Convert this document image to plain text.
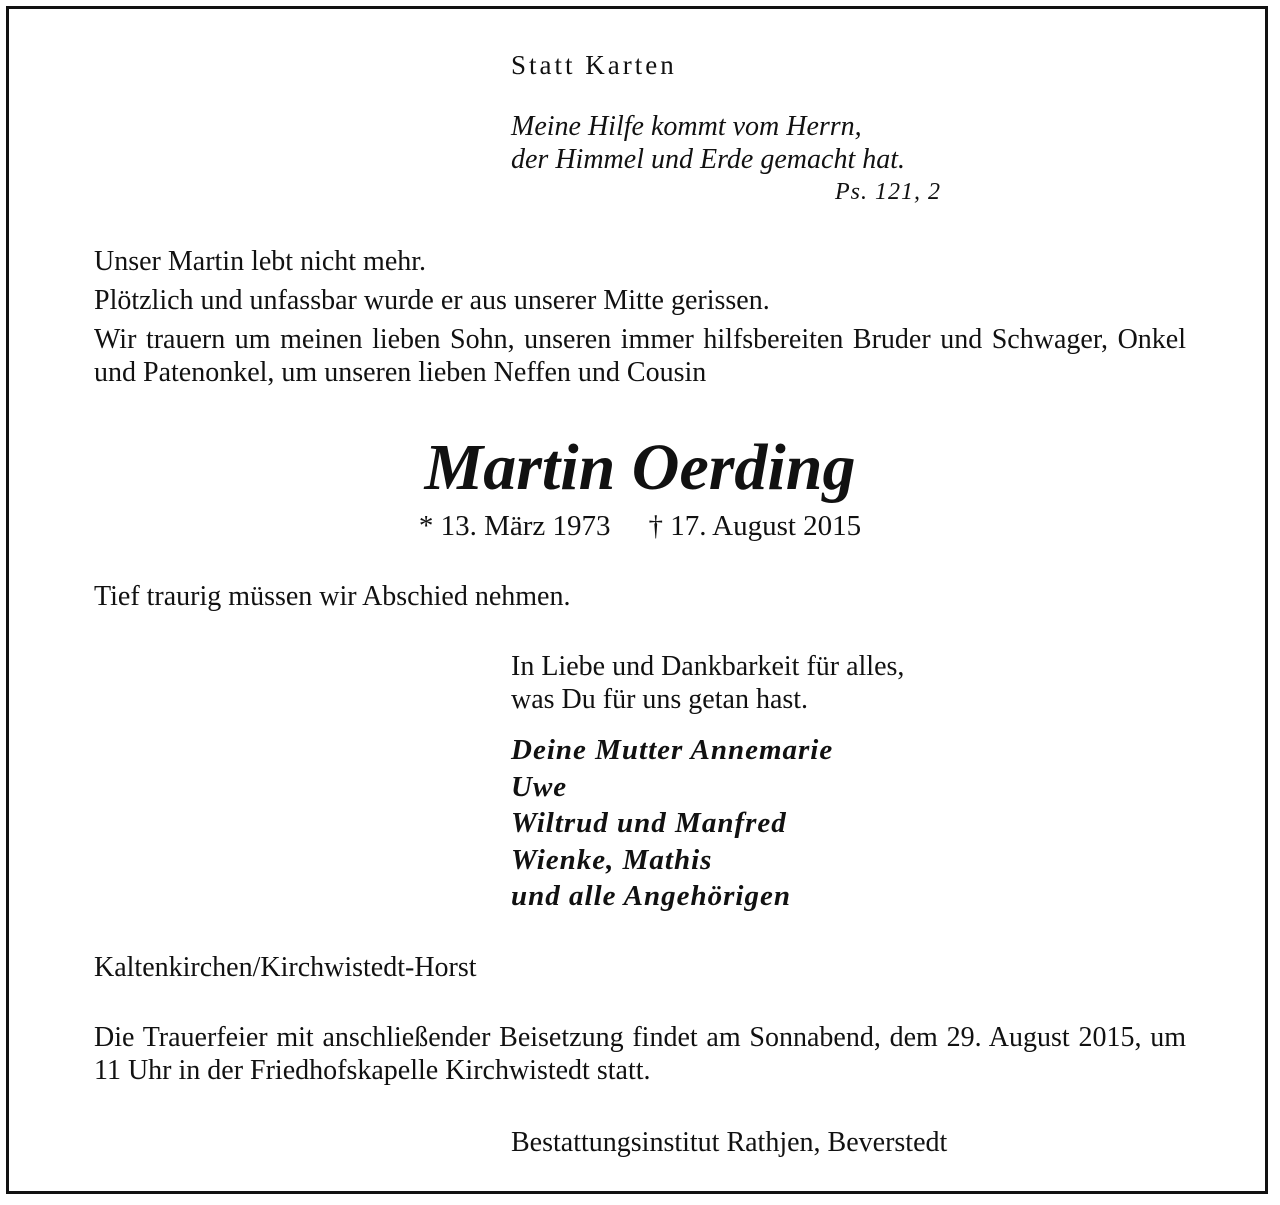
Statt Karten

Meine Hilfe kommt vom Herrn,
der Himmel und Erde gemacht hat.

Ps. 121, 2

Unser Martin lebt nicht mehr.

Plötzlich und unfassbar wurde er aus unserer Mitte gerissen.

Wir trauern um meinen lieben Sohn, unseren immer hilfsbereiten Bruder und Schwager, Onkel und Patenonkel, um unseren lieben Neffen und Cousin

Martin Oerding
* 13. März 1973 † 17. August 2015

Tief traurig müssen wir Abschied nehmen.

In Liebe und Dankbarkeit für alles,
was Du für uns getan hast.
Deine Mutter Annemarie
Uwe
Wiltrud und Manfred
Wienke, Mathis
und alle Angehörigen

Kaltenkirchen/Kirchwistedt-Horst

Die Trauerfeier mit anschließender Beisetzung findet am Sonnabend, dem 29. August 2015, um 11 Uhr in der Friedhofskapelle Kirchwistedt statt.

Bestattungsinstitut Rathjen, Beverstedt
